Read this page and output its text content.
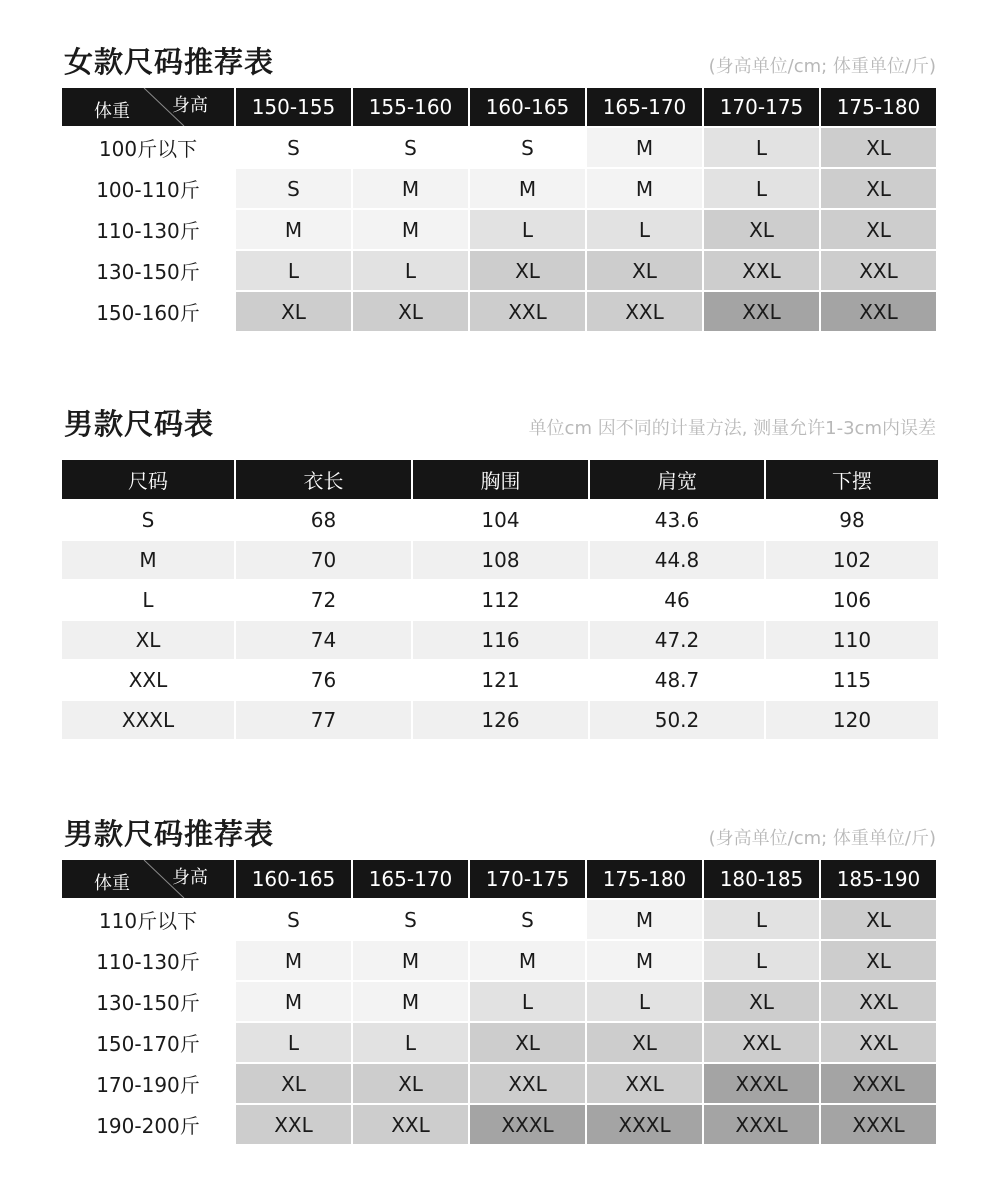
女款尺码推荐表	(身高单位/cm; 体重单位/斤)
体重 身高	150-155	155-160	160-165	165-170	170-175	175-180
100斤以下	S	S	S	M	L	XL
100-110斤	S	M	M	M	L	XL
110-130斤	M	M	L	L	XL	XL
130-150斤	L	L	XL	XL	XXL	XXL
150-160斤	XL	XL	XXL	XXL	XXL	XXL
男款尺码表	单位cm 因不同的计量方法, 测量允许1-3cm内误差
尺码	衣长	胸围	肩宽	下摆
S	68	104	43.6	98
M	70	108	44.8	102
L	72	112	46	106
XL	74	116	47.2	110
XXL	76	121	48.7	115
XXXL	77	126	50.2	120
男款尺码推荐表	(身高单位/cm; 体重单位/斤)
体重 身高	160-165	165-170	170-175	175-180	180-185	185-190
110斤以下	S	S	S	M	L	XL
110-130斤	M	M	M	M	L	XL
130-150斤	M	M	L	L	XL	XXL
150-170斤	L	L	XL	XL	XXL	XXL
170-190斤	XL	XL	XXL	XXL	XXXL	XXXL
190-200斤	XXL	XXL	XXXL	XXXL	XXXL	XXXL
